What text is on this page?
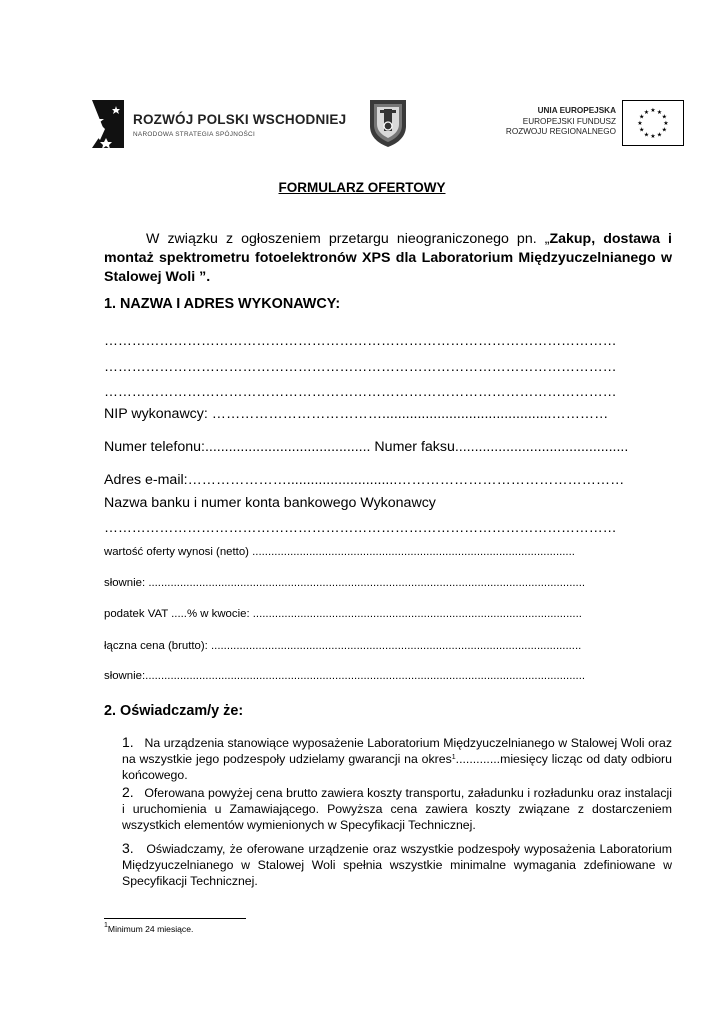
ROZWÓJ POLSKI WSCHODNIEJ
NARODOWA STRATEGIA SPÓJNOŚCI
UNIA EUROPEJSKA
EUROPEJSKI FUNDUSZ
ROZWOJU REGIONALNEGO
★ ★
★
★
★
★
★
★
★
★
★
★
FORMULARZ OFERTOWY
W związku z ogłoszeniem przetargu nieograniczonego pn. „Zakup, dostawa i montaż spektrometru fotoelektronów XPS dla Laboratorium Międzyuczelnianego w Stalowej Woli ”.
1. NAZWA I ADRES WYKONAWCY:
…………………………………………………………………………………………………
…………………………………………………………………………………………………
…………………………………………………………………………………………………
NIP wykonawcy: ………………………………...........................................…………
Numer telefonu:.......................................... Numer faksu............................................
Adres e-mail:…………………............................…………………………………………
Nazwa banku i numer konta bankowego Wykonawcy
…………………………………………………………………………………………………
wartość oferty wynosi (netto) ......................................................................................................
słownie: ..........................................................................................................................................
podatek VAT .....% w kwocie: ........................................................................................................
łączna cena (brutto): .....................................................................................................................
słownie:...........................................................................................................................................
2. Oświadczam/y że:
1. Na urządzenia stanowiące wyposażenie Laboratorium Międzyuczelnianego w Stalowej Woli oraz na wszystkie jego podzespoły udzielamy gwarancji na okres$^1$.............miesięcy licząc od daty odbioru końcowego.
2. Oferowana powyżej cena brutto zawiera koszty transportu, załadunku i rozładunku oraz instalacji i uruchomienia u Zamawiającego. Powyższa cena zawiera koszty związane z dostarczeniem wszystkich elementów wymienionych w Specyfikacji Technicznej.
3. Oświadczamy, że oferowane urządzenie oraz wszystkie podzespoły wyposażenia Laboratorium Międzyuczelnianego w Stalowej Woli spełnia wszystkie minimalne wymagania zdefiniowane w Specyfikacji Technicznej.
$^1$Minimum 24 miesiące.
